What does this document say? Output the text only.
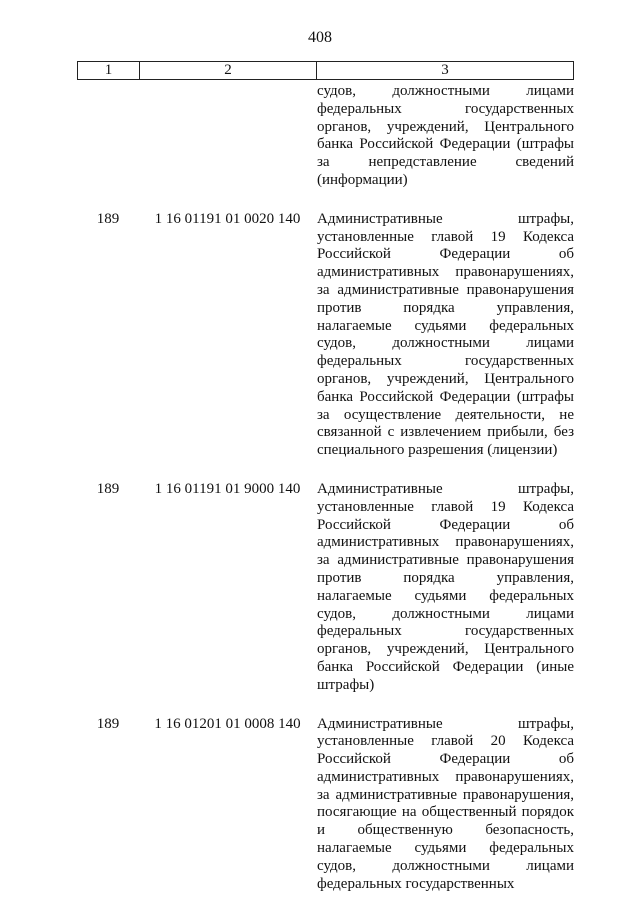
408
1	2	3
судов, должностными лицами
федеральных государственных
органов, учреждений, Центрального
банка Российской Федерации (штрафы
за непредставление сведений
(информации)
189	1 16 01191 01 0020 140	Административные штрафы,
установленные главой 19 Кодекса
Российской Федерации об
административных правонарушениях,
за административные правонарушения
против порядка управления,
налагаемые судьями федеральных
судов, должностными лицами
федеральных государственных
органов, учреждений, Центрального
банка Российской Федерации (штрафы
за осуществление деятельности, не
связанной с извлечением прибыли, без
специального разрешения (лицензии)
189	1 16 01191 01 9000 140	Административные штрафы,
установленные главой 19 Кодекса
Российской Федерации об
административных правонарушениях,
за административные правонарушения
против порядка управления,
налагаемые судьями федеральных
судов, должностными лицами
федеральных государственных
органов, учреждений, Центрального
банка Российской Федерации (иные
штрафы)
189	1 16 01201 01 0008 140	Административные штрафы,
установленные главой 20 Кодекса
Российской Федерации об
административных правонарушениях,
за административные правонарушения,
посягающие на общественный порядок
и общественную безопасность,
налагаемые судьями федеральных
судов, должностными лицами
федеральных государственных
